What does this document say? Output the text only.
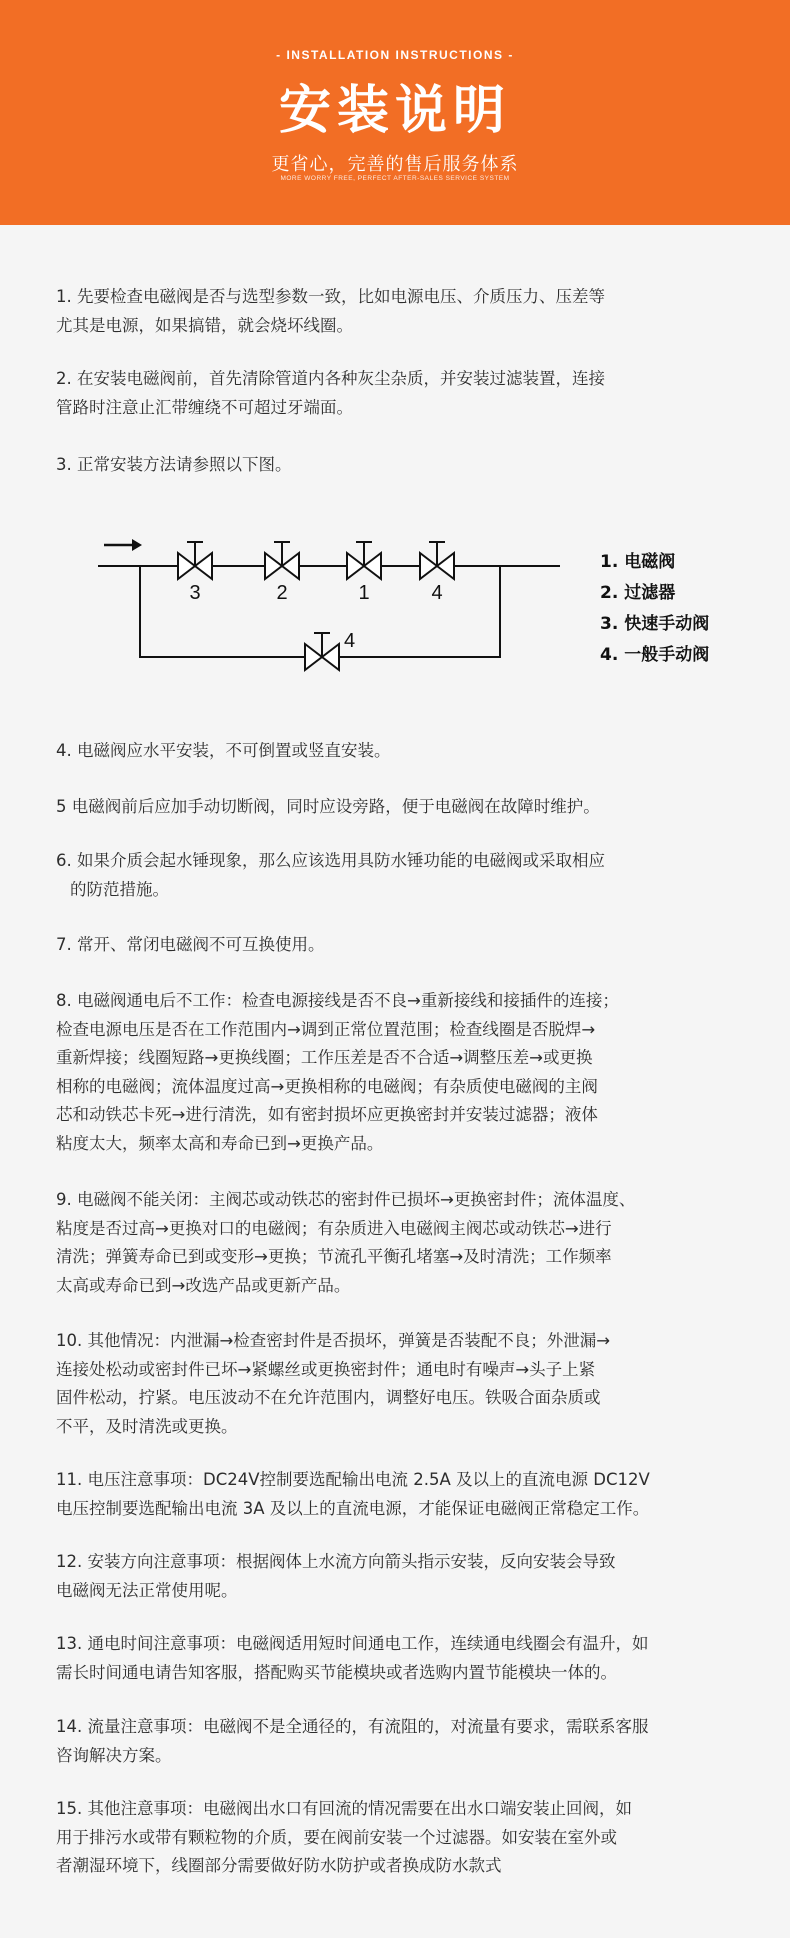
- INSTALLATION INSTRUCTIONS -
安装说明
更省心，完善的售后服务体系
MORE WORRY FREE, PERFECT AFTER-SALES SERVICE SYSTEM
1. 先要检查电磁阀是否与选型参数一致，比如电源电压、介质压力、压差等
尤其是电源，如果搞错，就会烧坏线圈。
2. 在安装电磁阀前，首先清除管道内各种灰尘杂质，并安装过滤装置，连接
管路时注意止汇带缠绕不可超过牙端面。
3. 正常安装方法请参照以下图。
4. 电磁阀应水平安装，不可倒置或竖直安装。
5 电磁阀前后应加手动切断阀，同时应设旁路，便于电磁阀在故障时维护。
6. 如果介质会起水锤现象，那么应该选用具防水锤功能的电磁阀或采取相应
的防范措施。
7. 常开、常闭电磁阀不可互换使用。
8. 电磁阀通电后不工作：检查电源接线是否不良→重新接线和接插件的连接；
检查电源电压是否在工作范围内→调到正常位置范围；检查线圈是否脱焊→
重新焊接；线圈短路→更换线圈；工作压差是否不合适→调整压差→或更换
相称的电磁阀；流体温度过高→更换相称的电磁阀；有杂质使电磁阀的主阀
芯和动铁芯卡死→进行清洗，如有密封损坏应更换密封并安装过滤器；液体
粘度太大，频率太高和寿命已到→更换产品。
9. 电磁阀不能关闭：主阀芯或动铁芯的密封件已损坏→更换密封件；流体温度、
粘度是否过高→更换对口的电磁阀；有杂质进入电磁阀主阀芯或动铁芯→进行
清洗；弹簧寿命已到或变形→更换；节流孔平衡孔堵塞→及时清洗；工作频率
太高或寿命已到→改选产品或更新产品。
10. 其他情况：内泄漏→检查密封件是否损坏，弹簧是否装配不良；外泄漏→
连接处松动或密封件已坏→紧螺丝或更换密封件；通电时有噪声→头子上紧
固件松动，拧紧。电压波动不在允许范围内，调整好电压。铁吸合面杂质或
不平，及时清洗或更换。
11. 电压注意事项：DC24V控制要选配输出电流 2.5A 及以上的直流电源 DC12V
电压控制要选配输出电流 3A 及以上的直流电源，才能保证电磁阀正常稳定工作。
12. 安装方向注意事项：根据阀体上水流方向箭头指示安装，反向安装会导致
电磁阀无法正常使用呢。
13. 通电时间注意事项：电磁阀适用短时间通电工作，连续通电线圈会有温升，如
需长时间通电请告知客服，搭配购买节能模块或者选购内置节能模块一体的。
14. 流量注意事项：电磁阀不是全通径的，有流阻的，对流量有要求，需联系客服
咨询解决方案。
15. 其他注意事项：电磁阀出水口有回流的情况需要在出水口端安装止回阀，如
用于排污水或带有颗粒物的介质，要在阀前安装一个过滤器。如安装在室外或
者潮湿环境下，线圈部分需要做好防水防护或者换成防水款式
3	2	1	4
4
1. 电磁阀
2. 过滤器
3. 快速手动阀
4. 一般手动阀
